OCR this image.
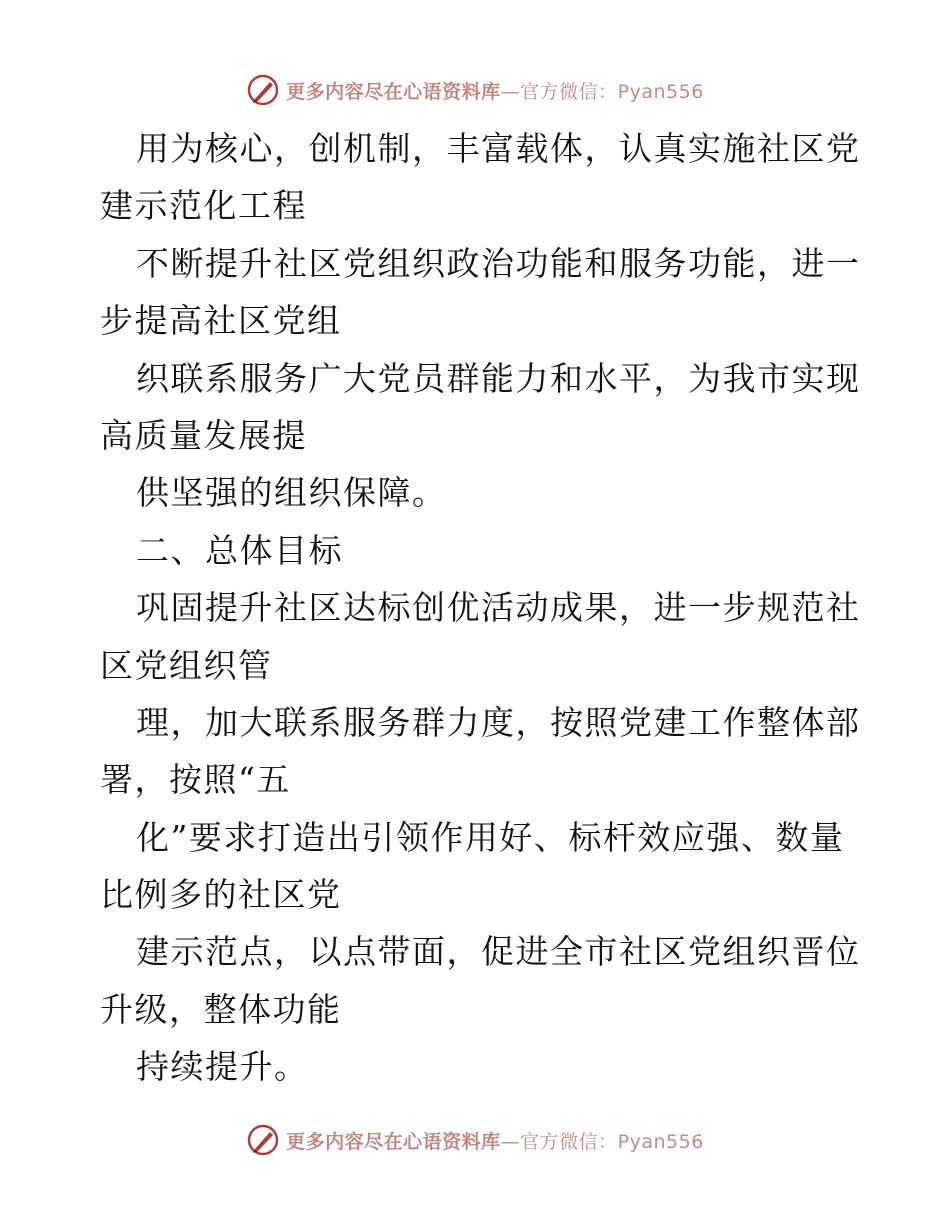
更多内容尽在心语资料库—官方微信：Pyan556
用为核心，创机制，丰富载体，认真实施社区党
建示范化工程
不断提升社区党组织政治功能和服务功能，进一
步提高社区党组
织联系服务广大党员群能力和水平，为我市实现
高质量发展提
供坚强的组织保障。
二、总体目标
巩固提升社区达标创优活动成果，进一步规范社
区党组织管
理，加大联系服务群力度，按照党建工作整体部
署，按照“五
化”要求打造出引领作用好、标杆效应强、数量
比例多的社区党
建示范点，以点带面，促进全市社区党组织晋位
升级，整体功能
持续提升。
更多内容尽在心语资料库—官方微信：Pyan556
